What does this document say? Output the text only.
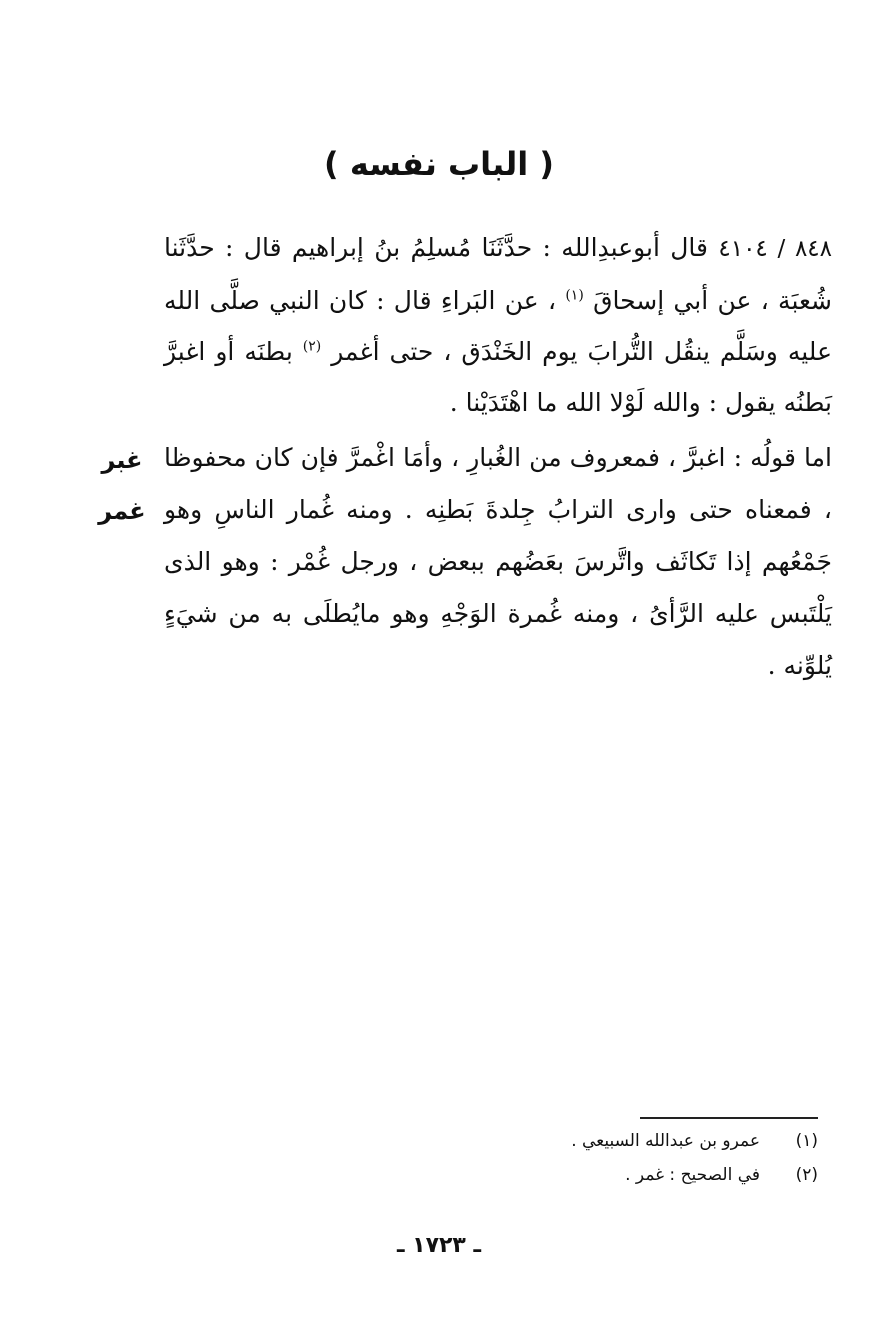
( الباب نفسه )

٨٤٨ / ٤١٠٤ قال أبوعبدِالله : حدَّثَنَا مُسلِمُ بنُ إبراهيم قال : حدَّثَنا شُعبَة ، عن أبي إسحاقَ $^{(١)}$ ، عن البَراءِ قال : كان النبي صلَّى الله عليه وسَلَّم ينقُل التُّرابَ يوم الخَنْدَق ، حتى أغمر $^{(٢)}$ بطنَه أو اغبرَّ بَطنُه يقول : والله لَوْلا الله ما اهْتَدَيْنا .

اما قولُه : اغبرَّ ، فمعروف من الغُبارِ ، وأمَا اغْمرَّ فإن كان محفوظا ، فمعناه حتى وارى الترابُ جِلدةَ بَطنِه . ومنه غُمار الناسِ وهو جَمْعُهم إذا تَكاثَف واتَّرسَ بعَضُهم ببعض ، ورجل غُمْر : وهو الذى يَلْتَبس عليه الرَّأىُ ، ومنه غُمرة الوَجْهِ وهو مايُطلَى به من شيَءٍ يُلوِّنه .

غبر
غمر
(١)عمرو بن عبدالله السبيعي .
(٢)في الصحيح : غمر .
ـ ١٧٢٣ ـ
